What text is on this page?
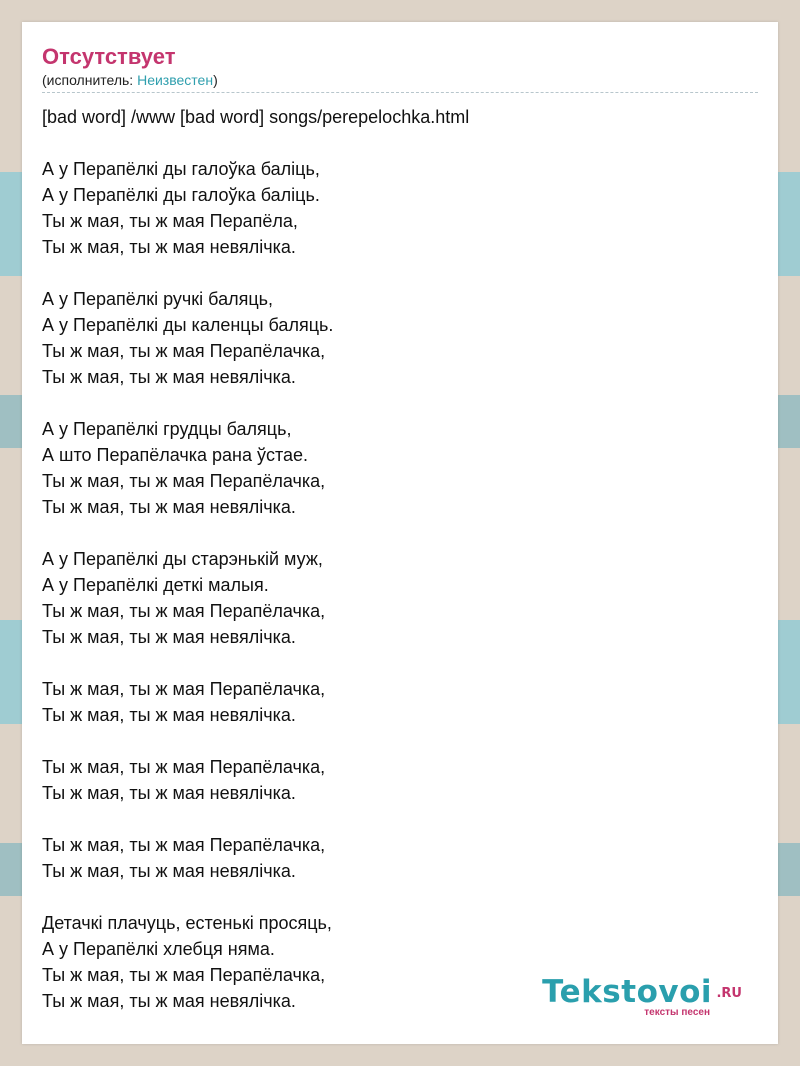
Отсутствует
(исполнитель: Неизвестен)
[bad word] /www [bad word] songs/perepelochka.html
А у Перапёлкі ды галоўка баліць,
А у Перапёлкі ды галоўка баліць.
Ты ж мая, ты ж мая Перапёла,
Ты ж мая, ты ж мая невялічка.
А у Перапёлкі ручкі баляць,
А у Перапёлкі ды каленцы баляць.
Ты ж мая, ты ж мая Перапёлачка,
Ты ж мая, ты ж мая невялічка.
А у Перапёлкі грудцы баляць,
А што Перапёлачка рана ўстае.
Ты ж мая, ты ж мая Перапёлачка,
Ты ж мая, ты ж мая невялічка.
А у Перапёлкі ды старэнькій муж,
А у Перапёлкі деткі малыя.
Ты ж мая, ты ж мая Перапёлачка,
Ты ж мая, ты ж мая невялічка.
Ты ж мая, ты ж мая Перапёлачка,
Ты ж мая, ты ж мая невялічка.
Ты ж мая, ты ж мая Перапёлачка,
Ты ж мая, ты ж мая невялічка.
Ты ж мая, ты ж мая Перапёлачка,
Ты ж мая, ты ж мая невялічка.
Детачкі плачуць, естенькі просяць,
А у Перапёлкі хлебця няма.
Ты ж мая, ты ж мая Перапёлачка,
Ты ж мая, ты ж мая невялічка.	Tekstovoi .RU
тексты песен
